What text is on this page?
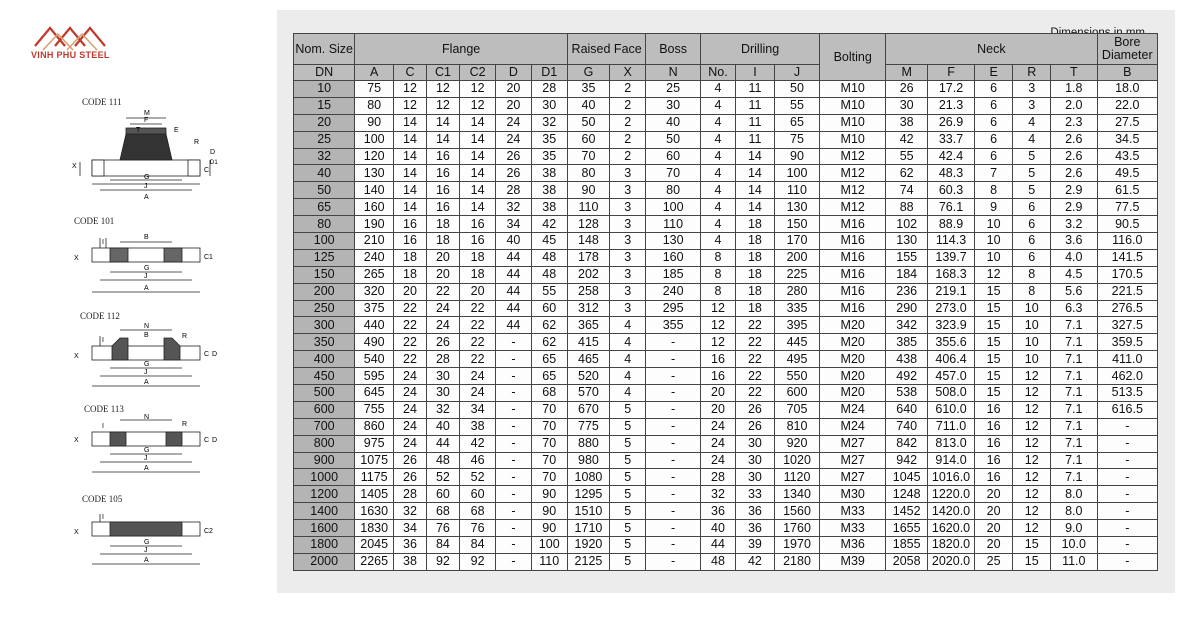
VINH PHU STEEL
CODE 111
M
F
T	E
R
X
D
C
J
G
A
D1
CODE 101
I
B
X	C1
G
J
A
CODE 112
N
B	R
I
X	C D
G
J
A
CODE 113
N
R
I
X	C D
G
J
A
CODE 105
I
X	C2
G
J
A
Nom. Size	Flange						Raised Face		Boss	Drilling			Bolting	Neck					Bore Diameter
DN	A	C	C1	C2	D	D1	G	X	N	No.	I	J		M	F	E	R	T	B
10	75	12	12	12	20	28	35	2	25	4	11	50	M10	26	17.2	6	3	1.8	18.0
15	80	12	12	12	20	30	40	2	30	4	11	55	M10	30	21.3	6	3	2.0	22.0
20	90	14	14	14	24	32	50	2	40	4	11	65	M10	38	26.9	6	4	2.3	27.5
25	100	14	14	14	24	35	60	2	50	4	11	75	M10	42	33.7	6	4	2.6	34.5
32	120	14	16	14	26	35	70	2	60	4	14	90	M12	55	42.4	6	5	2.6	43.5
40	130	14	16	14	26	38	80	3	70	4	14	100	M12	62	48.3	7	5	2.6	49.5
50	140	14	16	14	28	38	90	3	80	4	14	110	M12	74	60.3	8	5	2.9	61.5
65	160	14	16	14	32	38	110	3	100	4	14	130	M12	88	76.1	9	6	2.9	77.5
80	190	16	18	16	34	42	128	3	110	4	18	150	M16	102	88.9	10	6	3.2	90.5
100	210	16	18	16	40	45	148	3	130	4	18	170	M16	130	114.3	10	6	3.6	116.0
125	240	18	20	18	44	48	178	3	160	8	18	200	M16	155	139.7	10	6	4.0	141.5
150	265	18	20	18	44	48	202	3	185	8	18	225	M16	184	168.3	12	8	4.5	170.5
200	320	20	22	20	44	55	258	3	240	8	18	280	M16	236	219.1	15	8	5.6	221.5
250	375	22	24	22	44	60	312	3	295	12	18	335	M16	290	273.0	15	10	6.3	276.5
300	440	22	24	22	44	62	365	4	355	12	22	395	M20	342	323.9	15	10	7.1	327.5
350	490	22	26	22	-	62	415	4	-	12	22	445	M20	385	355.6	15	10	7.1	359.5
400	540	22	28	22	-	65	465	4	-	16	22	495	M20	438	406.4	15	10	7.1	411.0
450	595	24	30	24	-	65	520	4	-	16	22	550	M20	492	457.0	15	12	7.1	462.0
500	645	24	30	24	-	68	570	4	-	20	22	600	M20	538	508.0	15	12	7.1	513.5
600	755	24	32	34	-	70	670	5	-	20	26	705	M24	640	610.0	16	12	7.1	616.5
700	860	24	40	38	-	70	775	5	-	24	26	810	M24	740	711.0	16	12	7.1	-
800	975	24	44	42	-	70	880	5	-	24	30	920	M27	842	813.0	16	12	7.1	-
900	1075	26	48	46	-	70	980	5	-	24	30	1020	M27	942	914.0	16	12	7.1	-
1000	1175	26	52	52	-	70	1080	5	-	28	30	1120	M27	1045	1016.0	16	12	7.1	-
1200	1405	28	60	60	-	90	1295	5	-	32	33	1340	M30	1248	1220.0	20	12	8.0	-
1400	1630	32	68	68	-	90	1510	5	-	36	36	1560	M33	1452	1420.0	20	12	8.0	-
1600	1830	34	76	76	-	90	1710	5	-	40	36	1760	M33	1655	1620.0	20	12	9.0	-
1800	2045	36	84	84	-	100	1920	5	-	44	39	1970	M36	1855	1820.0	20	15	10.0	-
2000	2265	38	92	92	-	110	2125	5	-	48	42	2180	M39	2058	2020.0	25	15	11.0	-
